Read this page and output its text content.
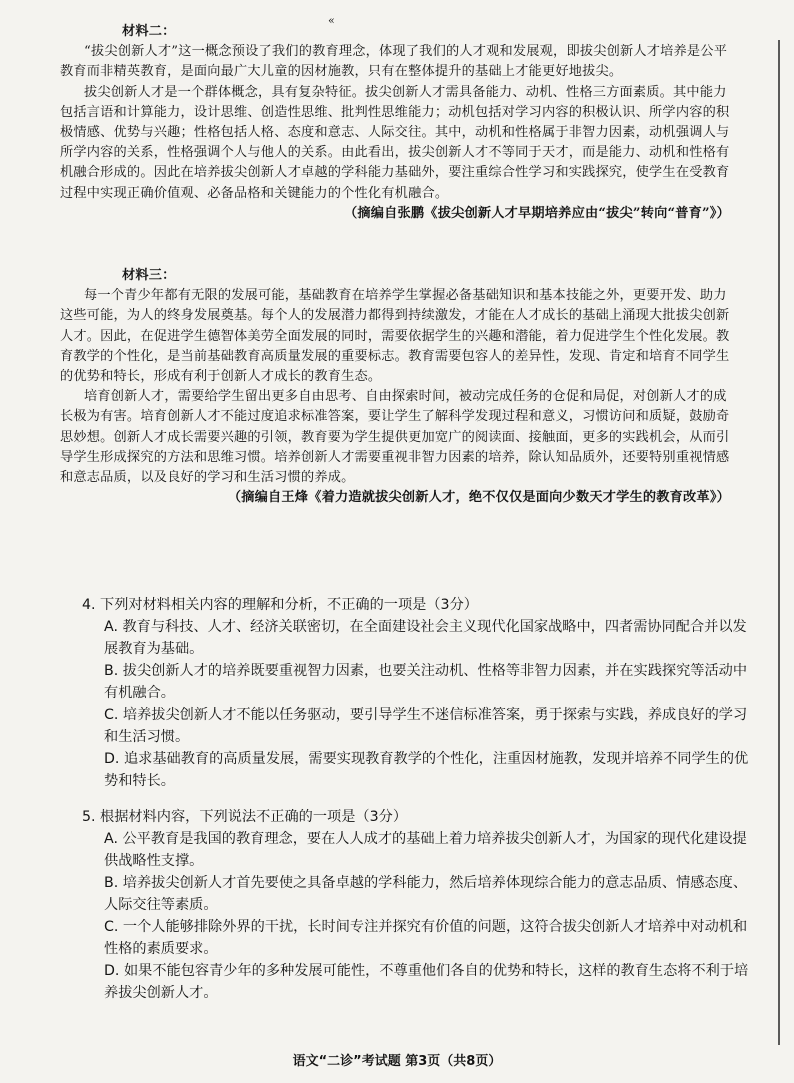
«

材料二：

“拔尖创新人才”这一概念预设了我们的教育理念，体现了我们的人才观和发展观，即拔尖创新人才培养是公平教育而非精英教育，是面向最广大儿童的因材施教，只有在整体提升的基础上才能更好地拔尖。

拔尖创新人才是一个群体概念，具有复杂特征。拔尖创新人才需具备能力、动机、性格三方面素质。其中能力包括言语和计算能力，设计思维、创造性思维、批判性思维能力；动机包括对学习内容的积极认识、所学内容的积极情感、优势与兴趣；性格包括人格、态度和意志、人际交往。其中，动机和性格属于非智力因素，动机强调人与所学内容的关系，性格强调个人与他人的关系。由此看出，拔尖创新人才不等同于天才，而是能力、动机和性格有机融合形成的。因此在培养拔尖创新人才卓越的学科能力基础外，要注重综合性学习和实践探究，使学生在受教育过程中实现正确价值观、必备品格和关键能力的个性化有机融合。

（摘编自张鹏《拔尖创新人才早期培养应由“拔尖”转向“普育”》）

材料三：

每一个青少年都有无限的发展可能，基础教育在培养学生掌握必备基础知识和基本技能之外，更要开发、助力这些可能，为人的终身发展奠基。每个人的发展潜力都得到持续激发，才能在人才成长的基础上涌现大批拔尖创新人才。因此，在促进学生德智体美劳全面发展的同时，需要依据学生的兴趣和潜能，着力促进学生个性化发展。教育教学的个性化，是当前基础教育高质量发展的重要标志。教育需要包容人的差异性，发现、肯定和培育不同学生的优势和特长，形成有利于创新人才成长的教育生态。

培育创新人才，需要给学生留出更多自由思考、自由探索时间，被动完成任务的仓促和局促，对创新人才的成长极为有害。培育创新人才不能过度追求标准答案，要让学生了解科学发现过程和意义，习惯访问和质疑，鼓励奇思妙想。创新人才成长需要兴趣的引领，教育要为学生提供更加宽广的阅读面、接触面，更多的实践机会，从而引导学生形成探究的方法和思维习惯。培养创新人才需要重视非智力因素的培养，除认知品质外，还要特别重视情感和意志品质，以及良好的学习和生活习惯的养成。

（摘编自王烽《着力造就拔尖创新人才，绝不仅仅是面向少数天才学生的教育改革》）

4. 下列对材料相关内容的理解和分析，不正确的一项是（3分）

A. 教育与科技、人才、经济关联密切，在全面建设社会主义现代化国家战略中，四者需协同配合并以发展教育为基础。

B. 拔尖创新人才的培养既要重视智力因素，也要关注动机、性格等非智力因素，并在实践探究等活动中有机融合。

C. 培养拔尖创新人才不能以任务驱动，要引导学生不迷信标准答案，勇于探索与实践，养成良好的学习和生活习惯。

D. 追求基础教育的高质量发展，需要实现教育教学的个性化，注重因材施教，发现并培养不同学生的优势和特长。

5. 根据材料内容，下列说法不正确的一项是（3分）

A. 公平教育是我国的教育理念，要在人人成才的基础上着力培养拔尖创新人才，为国家的现代化建设提供战略性支撑。

B. 培养拔尖创新人才首先要使之具备卓越的学科能力，然后培养体现综合能力的意志品质、情感态度、人际交往等素质。

C. 一个人能够排除外界的干扰，长时间专注并探究有价值的问题，这符合拔尖创新人才培养中对动机和性格的素质要求。

D. 如果不能包容青少年的多种发展可能性，不尊重他们各自的优势和特长，这样的教育生态将不利于培养拔尖创新人才。

语文“二诊”考试题 第3页（共8页）
